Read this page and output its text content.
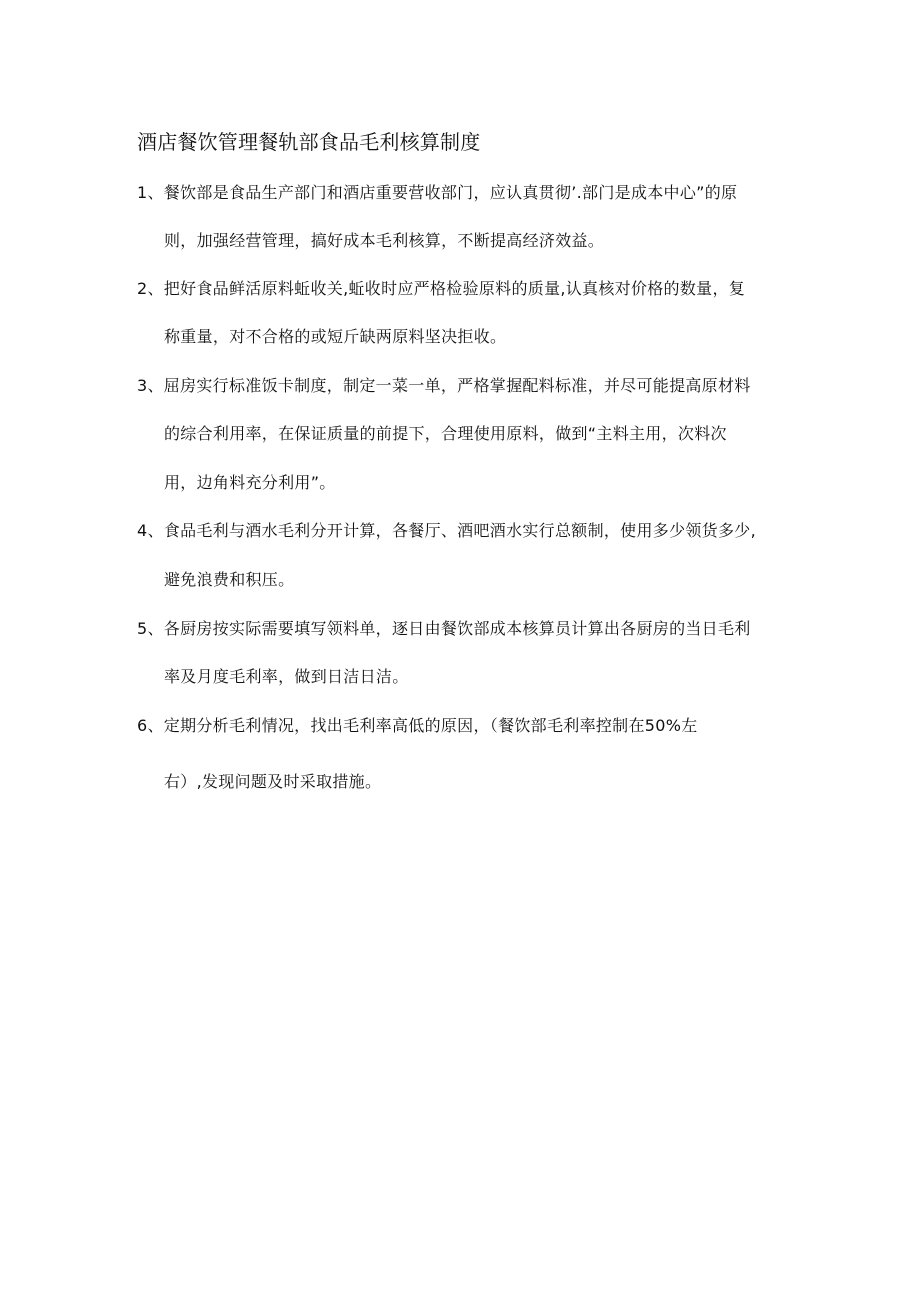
酒店餐饮管理餐轨部食品毛利核算制度
1、餐饮部是食品生产部门和酒店重要营收部门，应认真贯彻’.部门是成本中心”的原
则，加强经营管理，搞好成本毛利核算，不断提高经济效益。
2、把好食品鲜活原料蚯收关,蚯收时应严格检验原料的质量,认真核对价格的数量，复
称重量，对不合格的或短斤缺两原料坚决拒收。
3、屈房实行标准饭卡制度，制定一菜一单，严格掌握配料标准，并尽可能提高原材料
的综合利用率，在保证质量的前提下，合理使用原料，做到“主料主用，次料次
用，边角料充分利用”。
4、食品毛利与酒水毛利分开计算，各餐厅、酒吧酒水实行总额制，使用多少领货多少,
避免浪费和积压。
5、各厨房按实际需要填写领料单，逐日由餐饮部成本核算员计算出各厨房的当日毛利
率及月度毛利率，做到日洁日洁。
6、定期分析毛利情况，找出毛利率高低的原因，（餐饮部毛利率控制在50%左
右）,发现问题及时采取措施。
